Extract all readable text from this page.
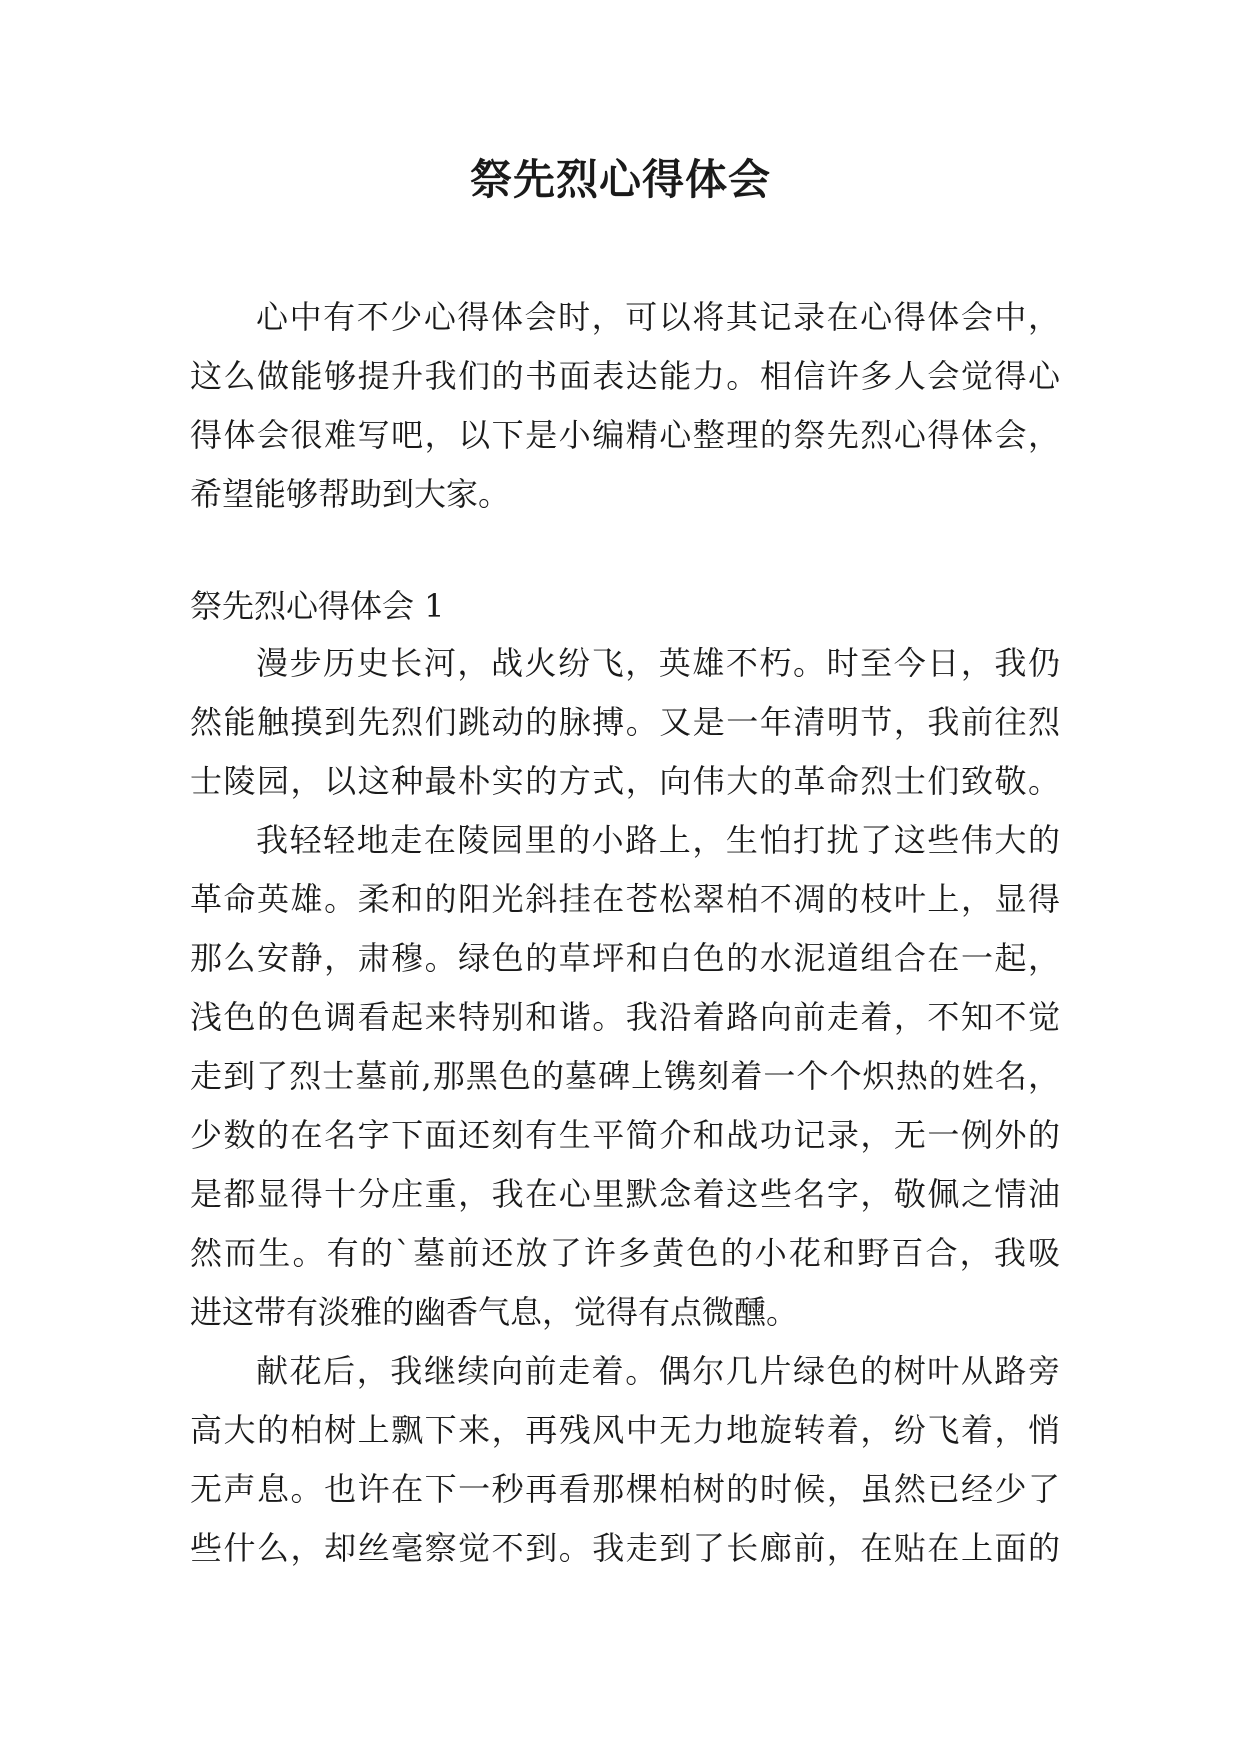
祭先烈心得体会

心中有不少心得体会时，可以将其记录在心得体会中，

这么做能够提升我们的书面表达能力。相信许多人会觉得心

得体会很难写吧，以下是小编精心整理的祭先烈心得体会，

希望能够帮助到大家。

祭先烈心得体会 1

漫步历史长河，战火纷飞，英雄不朽。时至今日，我仍

然能触摸到先烈们跳动的脉搏。又是一年清明节，我前往烈

士陵园，以这种最朴实的方式，向伟大的革命烈士们致敬。

我轻轻地走在陵园里的小路上，生怕打扰了这些伟大的

革命英雄。柔和的阳光斜挂在苍松翠柏不凋的枝叶上，显得

那么安静，肃穆。绿色的草坪和白色的水泥道组合在一起，

浅色的色调看起来特别和谐。我沿着路向前走着，不知不觉

走到了烈士墓前,那黑色的墓碑上镌刻着一个个炽热的姓名，

少数的在名字下面还刻有生平简介和战功记录，无一例外的

是都显得十分庄重，我在心里默念着这些名字，敬佩之情油

然而生。有的`墓前还放了许多黄色的小花和野百合，我吸

进这带有淡雅的幽香气息，觉得有点微醺。

献花后，我继续向前走着。偶尔几片绿色的树叶从路旁

高大的柏树上飘下来，再残风中无力地旋转着，纷飞着，悄

无声息。也许在下一秒再看那棵柏树的时候，虽然已经少了

些什么，却丝毫察觉不到。我走到了长廊前，在贴在上面的
